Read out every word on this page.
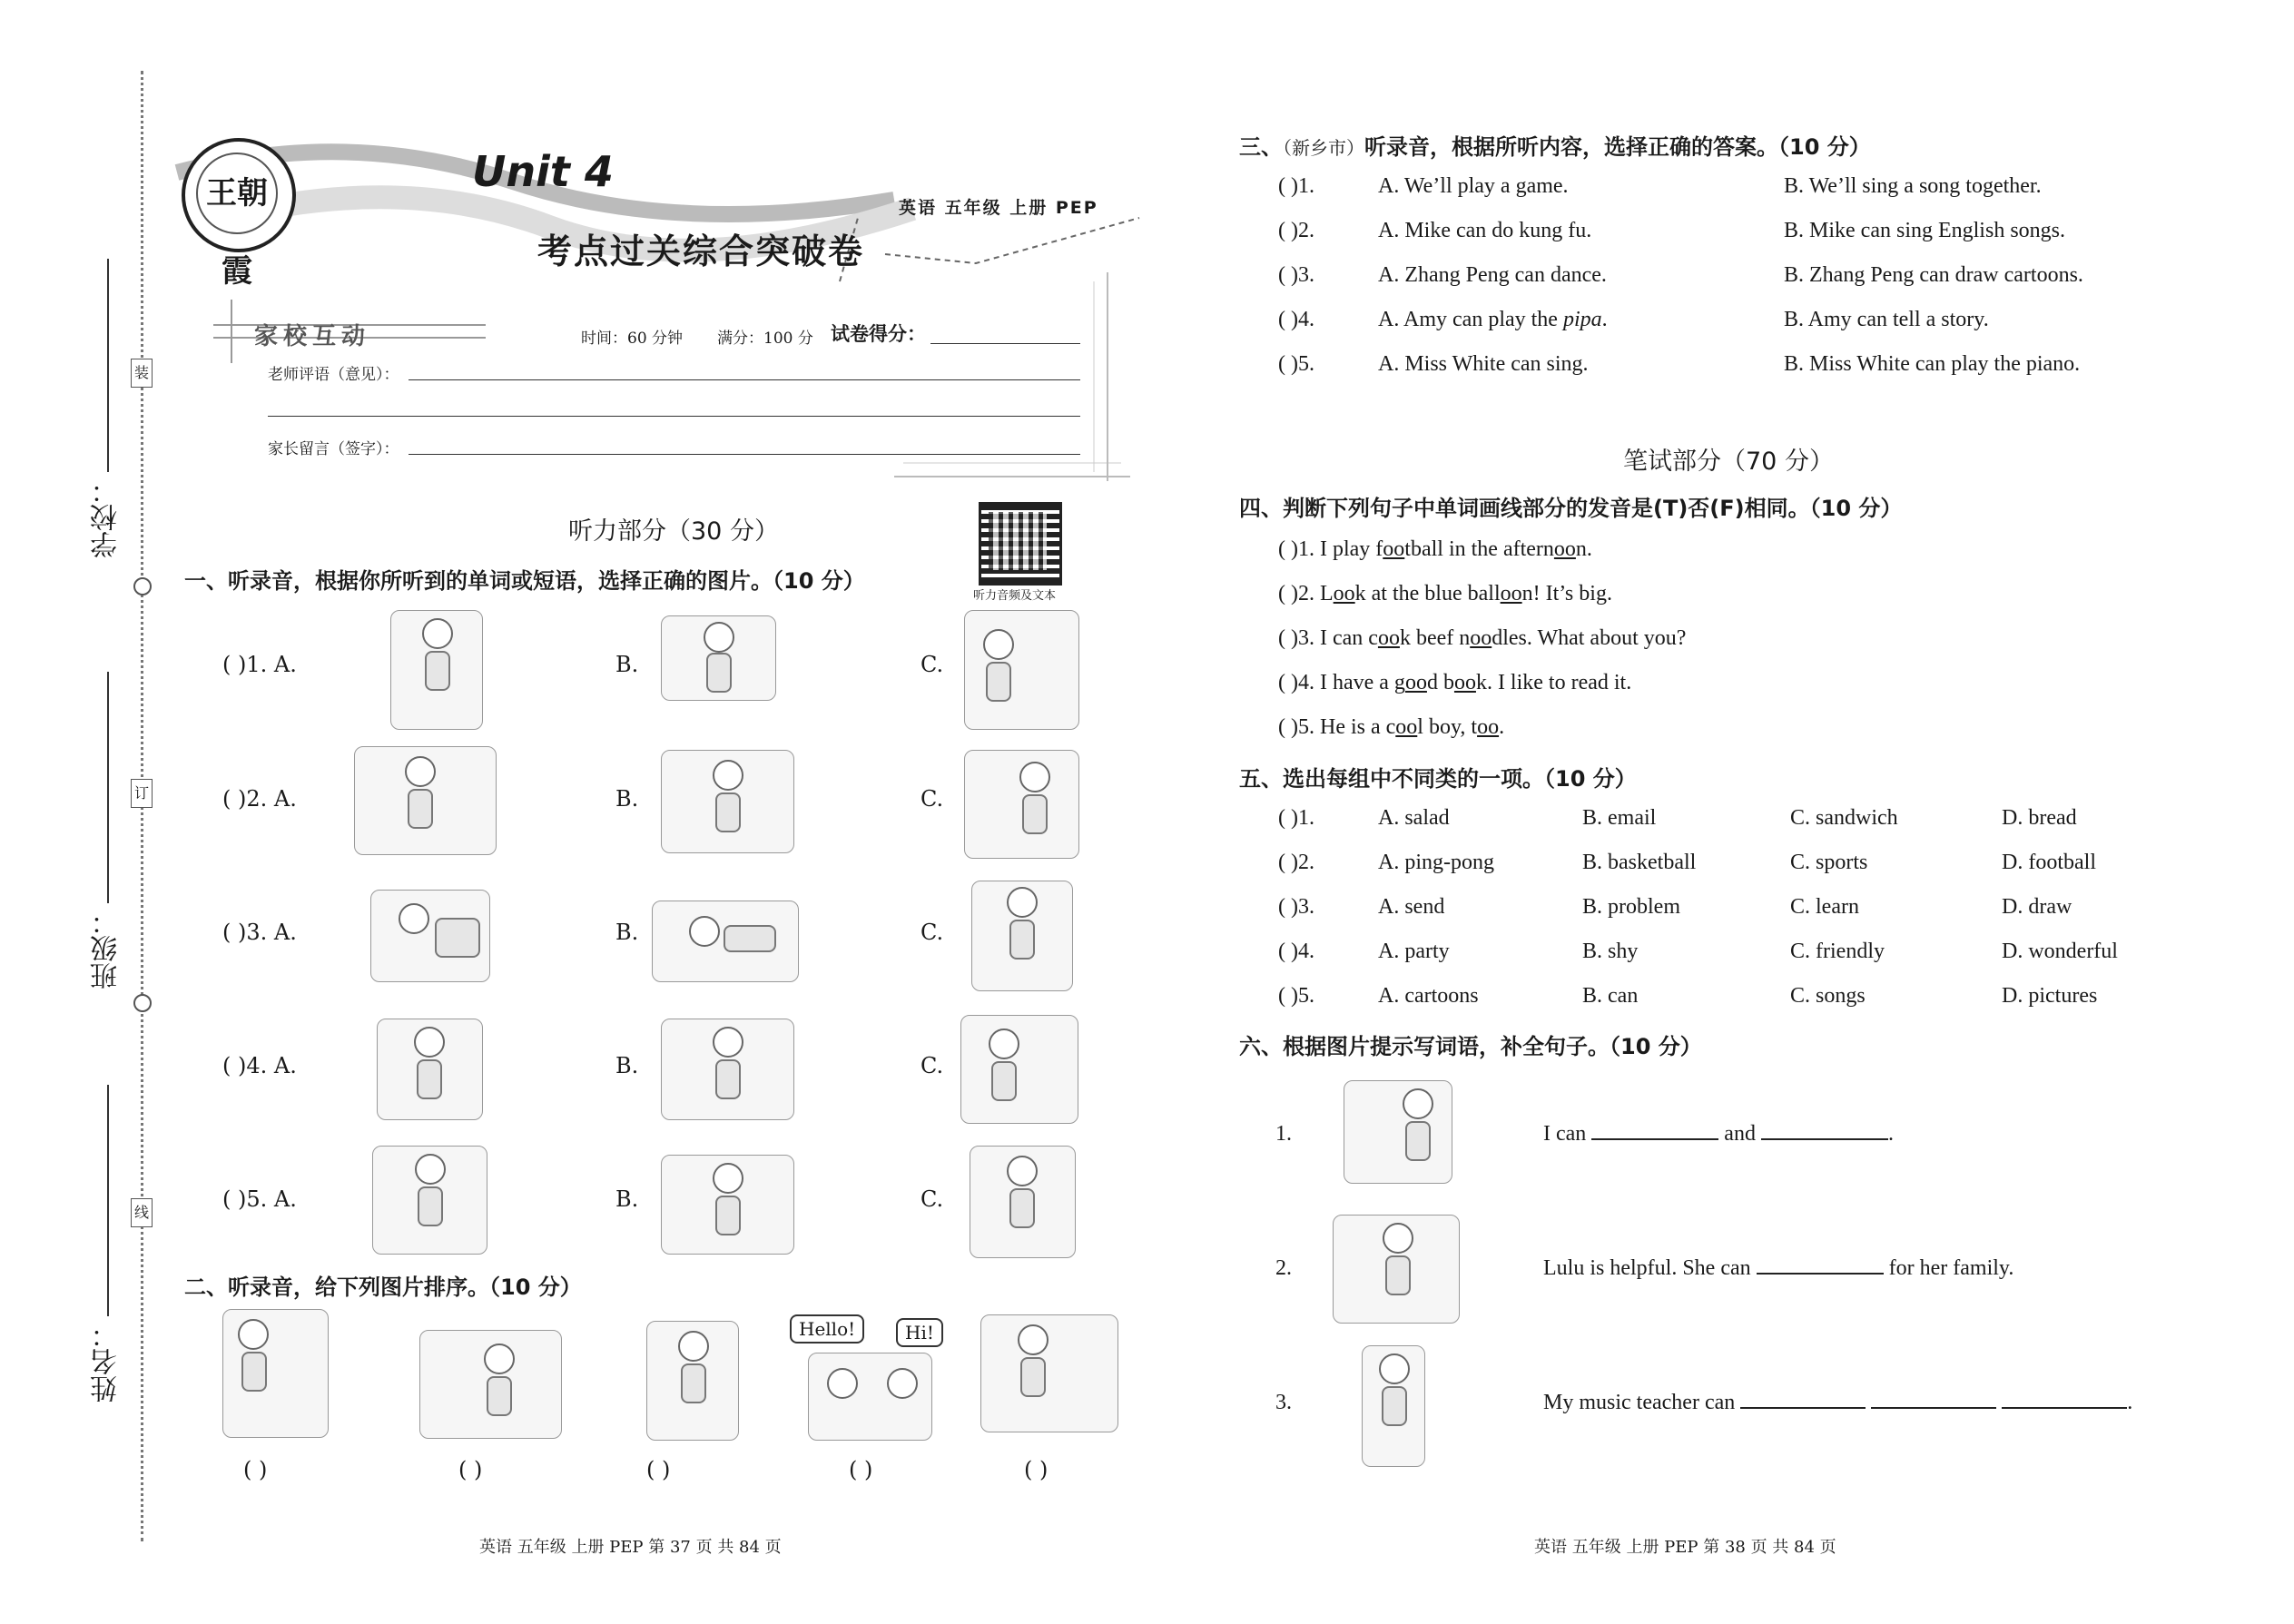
学校：
装
班级：
订
姓名：
线
王朝霞
Unit 4
考点过关综合突破卷
英语 五年级 上册 PEP
家校互动	时间：60 分钟 满分：100 分 试卷得分：
老师评语（意见）：
家长留言（签字）：
听力音频及文本
听力部分（30 分）
一、听录音，根据你所听到的单词或短语，选择正确的图片。（10 分）
( )1. A.	B.	C.
( )2. A.	B.	C.
( )3. A.	B.	C.
( )4. A.	B.	C.
( )5. A.	B.	C.
二、听录音，给下列图片排序。（10 分）
Hello!	Hi!
( )	( )	( )	( )	( )
英语 五年级 上册 PEP 第 37 页 共 84 页
三、（新乡市）听录音，根据所听内容，选择正确的答案。（10 分）
( )1.	A. We’ll play a game.	B. We’ll sing a song together.
( )2.	A. Mike can do kung fu.	B. Mike can sing English songs.
( )3.	A. Zhang Peng can dance.	B. Zhang Peng can draw cartoons.
( )4.	A. Amy can play the pipa.	B. Amy can tell a story.
( )5.	A. Miss White can sing.	B. Miss White can play the piano.
笔试部分（70 分）
四、判断下列句子中单词画线部分的发音是(T)否(F)相同。（10 分）
( )1. I play football in the afternoon.
( )2. Look at the blue balloon! It’s big.
( )3. I can cook beef noodles. What about you?
( )4. I have a good book. I like to read it.
( )5. He is a cool boy, too.
五、选出每组中不同类的一项。（10 分）
( )1.	A. salad	B. email	C. sandwich	D. bread
( )2.	A. ping-pong	B. basketball	C. sports	D. football
( )3.	A. send	B. problem	C. learn	D. draw
( )4.	A. party	B. shy	C. friendly	D. wonderful
( )5.	A. cartoons	B. can	C. songs	D. pictures
六、根据图片提示写词语，补全句子。（10 分）
1.	I can	and	.
2.	Lulu is helpful. She can	for her family.
3.	My music teacher can	.
英语 五年级 上册 PEP 第 38 页 共 84 页
